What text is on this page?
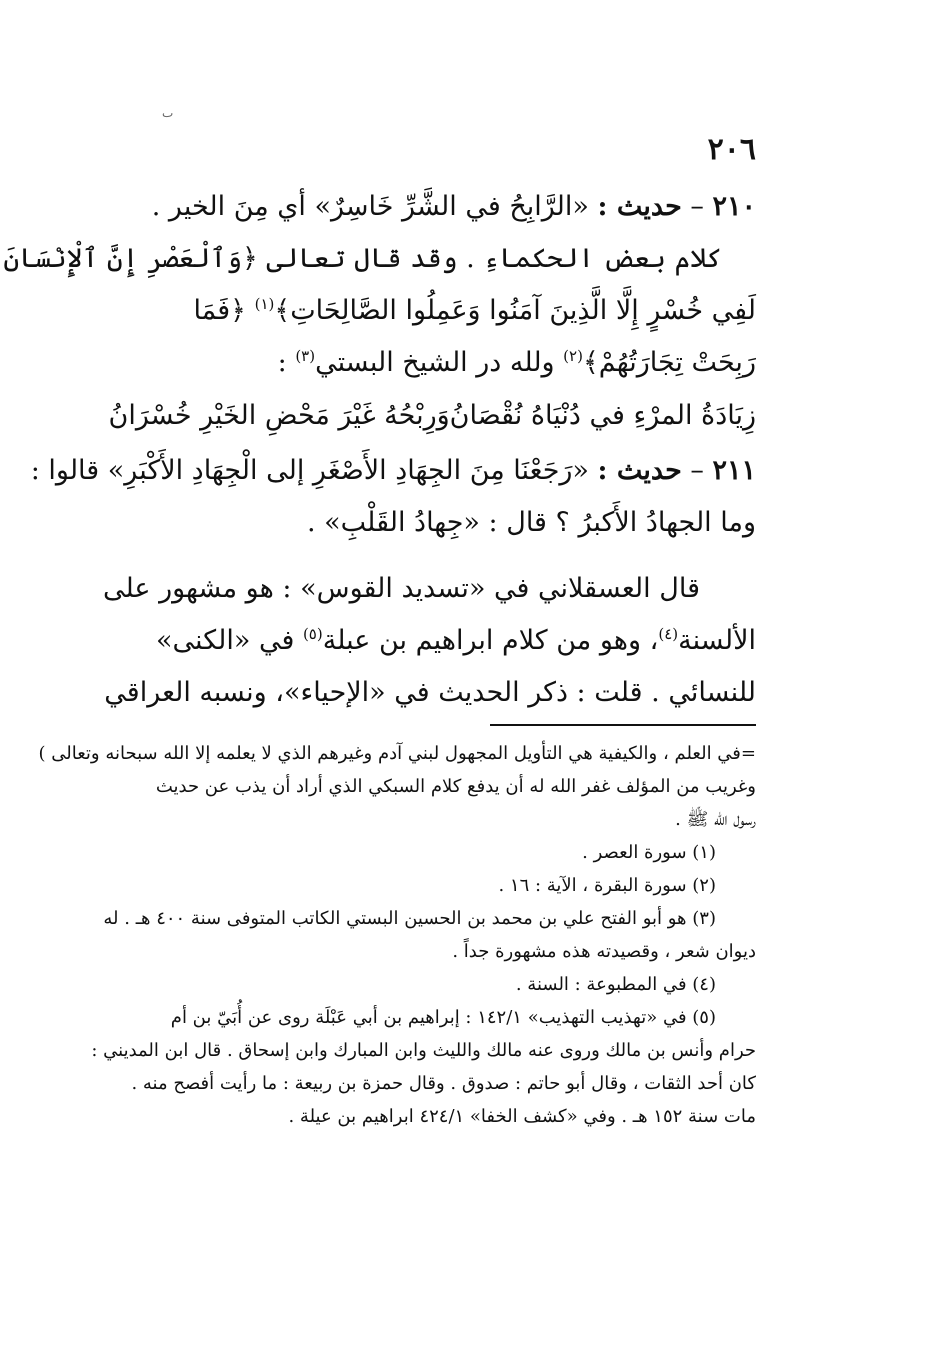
ٮ
٢٠٦
٢١٠ – حديث : «الرَّابِحُ في الشَّرِّ خَاسِرٌ» أي مِنَ الخير .
كلام بعض الحكماءِ . وقد قال تعالى ﴿وَٱلْعَصْرِ إِنَّ ٱلْإِنْسَانَ
لَفِي خُسْرٍ إِلَّا الَّذِينَ آمَنُوا وَعَمِلُوا الصَّالِحَاتِ﴾$^{(١)}$ ﴿فَمَا
رَبِحَتْ تِجَارَتُهُمْ﴾$^{(٢)}$ ولله در الشيخ البستي$^{(٣)}$ :
زِيَادَةُ المرْءِ في دُنْيَاهُ نُقْصَانُ
وَرِبْحُهُ غَيْرَ مَحْضِ الخَيْرِ خُسْرَانُ
٢١١ – حديث : «رَجَعْنَا مِنَ الجِهَادِ الأَصْغَرِ إلى الْجِهَادِ الأَكْبَرِ» قالوا :
وما الجهادُ الأَكبرُ ؟ قال : «جِهادُ القَلْبِ» .
قال العسقلاني في «تسديد القوس» : هو مشهور على
الألسنة$^{(٤)}$، وهو من كلام ابراهيم بن عبلة$^{(٥)}$ في «الكنى»
للنسائي . قلت : ذكر الحديث في «الإحياء»، ونسبه العراقي
=في العلم ، والكيفية هي التأويل المجهول لبني آدم وغيرهم الذي لا يعلمه إلا الله سبحانه وتعالى )
وغريب من المؤلف غفر الله له أن يدفع كلام السبكي الذي أراد أن يذب عن حديث
رسول الله ﷺ .
(١) سورة العصر .
(٢) سورة البقرة ، الآية : ١٦ .
(٣) هو أبو الفتح علي بن محمد بن الحسين البستي الكاتب المتوفى سنة ٤٠٠ هـ . له
ديوان شعر ، وقصيدته هذه مشهورة جداً .
(٤) في المطبوعة : السنة .
(٥) في «تهذيب التهذيب» ١٤٢/١ : إبراهيم بن أبي عَبْلَة روى عن أُبَيّ بن أم
حرام وأنس بن مالك وروى عنه مالك والليث وابن المبارك وابن إسحاق . قال ابن المديني :
كان أحد الثقات ، وقال أبو حاتم : صدوق . وقال حمزة بن ربيعة : ما رأيت أفصح منه .
مات سنة ١٥٢ هـ . وفي «كشف الخفا» ٤٢٤/١ ابراهيم بن عيلة .
